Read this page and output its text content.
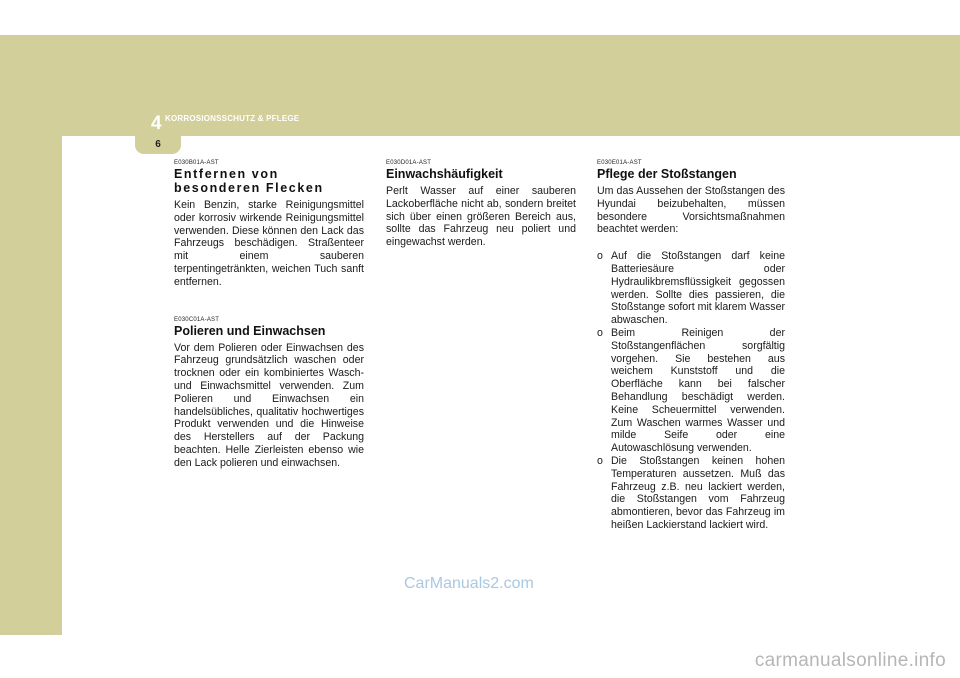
4 KORROSIONSSCHUTZ & PFLEGE
6
E030B01A-AST
Entfernen von besonderen Flecken

Kein Benzin, starke Reinigungsmittel oder korrosiv wirkende Reinigungsmittel verwenden. Diese können den Lack das Fahrzeugs beschädigen. Straßenteer mit einem sauberen terpentingetränkten, weichen Tuch sanft entfernen.

E030C01A-AST
Polieren und Einwachsen

Vor dem Polieren oder Einwachsen des Fahrzeug grundsätzlich waschen oder trocknen oder ein kombiniertes Wasch-und Einwachsmittel verwenden. Zum Polieren und Einwachsen ein handelsübliches, qualitativ hochwertiges Produkt verwenden und die Hinweise des Herstellers auf der Packung beachten. Helle Zierleisten ebenso wie den Lack polieren und einwachsen.

E030D01A-AST
Einwachshäufigkeit

Perlt Wasser auf einer sauberen Lackoberfläche nicht ab, sondern breitet sich über einen größeren Bereich aus, sollte das Fahrzeug neu poliert und eingewachst werden.

E030E01A-AST
Pflege der Stoßstangen

Um das Aussehen der Stoßstangen des Hyundai beizubehalten, müssen besondere Vorsichtsmaßnahmen beachtet werden:

o Auf die Stoßstangen darf keine Batteriesäure oder Hydraulikbremsflüssigkeit gegossen werden. Sollte dies passieren, die Stoßstange sofort mit klarem Wasser abwaschen.
o Beim Reinigen der Stoßstangenflächen sorgfältig vorgehen. Sie bestehen aus weichem Kunststoff und die Oberfläche kann bei falscher Behandlung beschädigt werden. Keine Scheuermittel verwenden. Zum Waschen warmes Wasser und milde Seife oder eine Autowaschlösung verwenden.
o Die Stoßstangen keinen hohen Temperaturen aussetzen. Muß das Fahrzeug z.B. neu lackiert werden, die Stoßstangen vom Fahrzeug abmontieren, bevor das Fahrzeug im heißen Lackierstand lackiert wird.
CarManuals2.com
carmanualsonline.info
